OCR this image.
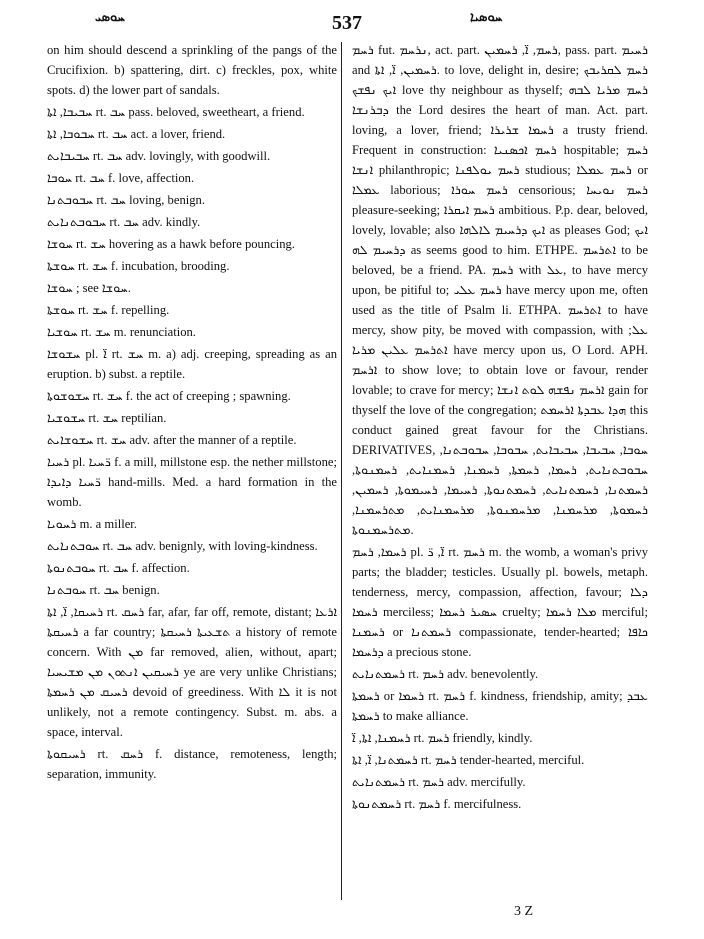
ܚܘܣܝ	537	ܚܘܣܝܐ
on him should descend a sprinkling of the pangs of the Crucifixion. b) spattering, dirt. c) freckles, pox, white spots. d) the lower part of sandals.
ܚܒܝܒܐ, ܐܬܐ rt. ܚܒ pass. beloved, sweetheart, a friend.
ܚܒܘܒܐ, ܐܬܐ rt. ܚܒ act. a lover, friend.
ܚܒܝܒܐܝܬ rt. ܚܒ adv. lovingly, with goodwill.
ܚܘܒܐ rt. ܚܒ f. love, affection.
ܚܒܘܒܬܢܐ rt. ܚܒ loving, benign.
ܚܒܘܒܬܢܐܝܬ rt. ܚܒ adv. kindly.
ܚܘܫܐ rt. ܚܫ hovering as a hawk before pouncing.
ܚܘܫܬܐ rt. ܚܫ f. incubation, brooding.
ܚܘܫܐ ; see ܚܘܫܐ.
ܚܘܫܬܐ rt. ܚܫ f. repelling.
ܚܘܫܝܐ rt. ܚܫ m. renunciation.
ܚܫܘܫܐ pl. ܐ̈ rt. ܚܫ m. a) adj. creeping, spreading as an eruption. b) subst. a reptile.
ܚܫܘܫܘܬܐ rt. ܚܫ f. the act of creeping ; spawning.
ܚܫܘܫܝܐ rt. ܚܫ reptilian.
ܚܫܘܫܐܝܬ rt. ܚܫ adv. after the manner of a reptile.
ܪܚܝܐ pl. ܪ̈ܚܝܐ f. a mill, millstone esp. the nether millstone; ܪ̈ܚܝܐ ܕܐܝܕܐ hand-mills. Med. a hard formation in the womb.
ܪܚܘܝܐ m. a miller.
ܚܘܒܬܢܐܝܬ rt. ܚܒ adv. benignly, with loving-kindness.
ܚܘܒܬܢܘܬܐ rt. ܚܒ f. affection.
ܚܘܒܬܢܐ rt. ܚܒ benign.
ܪܚܝܩܐ, ܐ̈, ܐܬܐ rt. ܪܚܩ far, afar, far off, remote, distant; ܐܪܥܐ ܪܚܝܩܬܐ a far country; ܬܫܥܝܬܐ ܪܚܝܩܬܐ a history of remote concern. With ܡܢ far removed, alien, without, apart; ܪܚܝܩܝܢ ܐܢܬܘܢ ܡܢ ܡܫܝܚܝܐ ye are very unlike Christians; ܪܚܝܩ ܡܢ ܪܚܡܬܐ devoid of greediness. With ܠܐ it is not unlikely, not a remote contingency. Subst. m. abs. a space, interval.
ܪܚܝܩܘܬܐ rt. ܪܚܩ f. distance, remoteness, length; separation, immunity.
ܪܚܡ fut. ܢܪܚܡ, act. part. ܪܚܡ, ܐ̈, ܪܚܡܝܢ, pass. part. ܪܚܝܡ and ܪܚܡܝܢ, ܐ̈, ܐܬܐ. to love, delight in, desire; ܪܚܡ ܠܩܪܝܒܟ ܐܝܟ ܢܦܫܟ love thy neighbour as thyself; ܪܚܡ ܡܪܝܐ ܠܒܗ ܕܒܪܢܫܐ the Lord desires the heart of man. Act. part. loving, a lover, friend; ܪܚܡܐ ܫܪܝܪܐ a trusty friend. Frequent in construction: ܪܚܡ ܐܟܣܢܝܐ hospitable; ܪܚܡ ܐܢܫܐ philanthropic; ܪܚܡ ܝܘܠܦܢܐ studious; ܪܚܡ ܥܡܠܐ or ܥܡܠܐ laborious; ܪܚܡ ܚܘܪܐ censorious; ܪܚܡ ܢܘܝܚܐ pleasure-seeking; ܪܚܡ ܐܝܩܪܐ ambitious. P.p. dear, beloved, lovely, lovable; also ܐܝܟ ܕܪܚܝܡ ܠܐܠܗܐ as pleases God; ܐܝܟ ܕܪܚܝܡ ܠܗ as seems good to him. ETHPE. ܐܬܪܚܡ to be beloved, be a friend. PA. ܪܚܡ with ܥܠ, to have mercy upon, be pitiful to; ܪܚܡ ܥܠܝ have mercy upon me, often used as the title of Psalm li. ETHPA. ܐܬܪܚܡ to have mercy, show pity, be moved with compassion, with ܥܠ; ܐܬܪܚܡ ܥܠܝܢ ܡܪܝܐ have mercy upon us, O Lord. APH. ܐܪܚܡ to show love; to obtain love or favour, render lovable; to crave for mercy; ܐܪܚܡ ܢܦܫܗ ܠܘܬ ܐܢܫܐ gain for thyself the love of the congregation; ܗܕܐ ܥܒܕܬܐ ܐܪܚܡܬ this conduct gained great favour for the Christians. DERIVATIVES, ܚܘܒܐ, ܚܒܝܒܐ, ܚܒܝܒܐܝܬ, ܚܒܘܒܐ, ܚܒܘܒܬܢܐ, ܚܒܘܒܬܢܐܝܬ, ܪܚܡܐ, ܪܚܡܬܐ, ܪܚܡܢܐ, ܪܚܡܢܐܝܬ, ܪܚܡܢܘܬܐ, ܪܚܡܬܢܐ, ܪܚܡܬܢܐܝܬ, ܪܚܡܬܢܘܬܐ, ܪܚܝܡܐ, ܪܚܝܡܘܬܐ, ܪܚܡܝܢ, ܪܚܡܘܬܐ, ܡܪܚܡܢܐ, ܡܪܚܡܢܘܬܐ, ܡܪܚܡܢܐܝܬ, ܡܬܪܚܡܢܐ, ܡܬܪܚܡܢܘܬܐ.
ܪܚܡܐ, ܪܚܡ pl. ܐ̈, ܪ̈ rt. ܪܚܡ m. the womb, a woman's privy parts; the bladder; testicles. Usually pl. bowels, metaph. tenderness, mercy, compassion, affection, favour; ܕܠܐ ܪܚܡܐ merciless; ܚܣܝܪ ܪܚܡܐ cruelty; ܡܠܐ ܪܚܡܐ merciful; ܪܚܡܢܐ or ܪܚܡܬܢܐ compassionate, tender-hearted; ܟܐܦܐ ܕܪܚܡܐ a precious stone.
ܪܚܡܬܢܐܝܬ rt. ܪܚܡ adv. benevolently.
ܪܚܡܬܐ or ܪܚܡܐ rt. ܪܚܡ f. kindness, friendship, amity; ܥܒܕ ܪܚܡܬܐ to make alliance.
ܪܚܡܢܐ, ܐܬܐ, ܐ̈ rt. ܪܚܡ friendly, kindly.
ܪܚܡܬܢܐ, ܐ̈, ܐܬܐ rt. ܪܚܡ tender-hearted, merciful.
ܪܚܡܬܢܐܝܬ rt. ܪܚܡ adv. mercifully.
ܪܚܡܬܢܘܬܐ rt. ܪܚܡ f. mercifulness.
3 Z
